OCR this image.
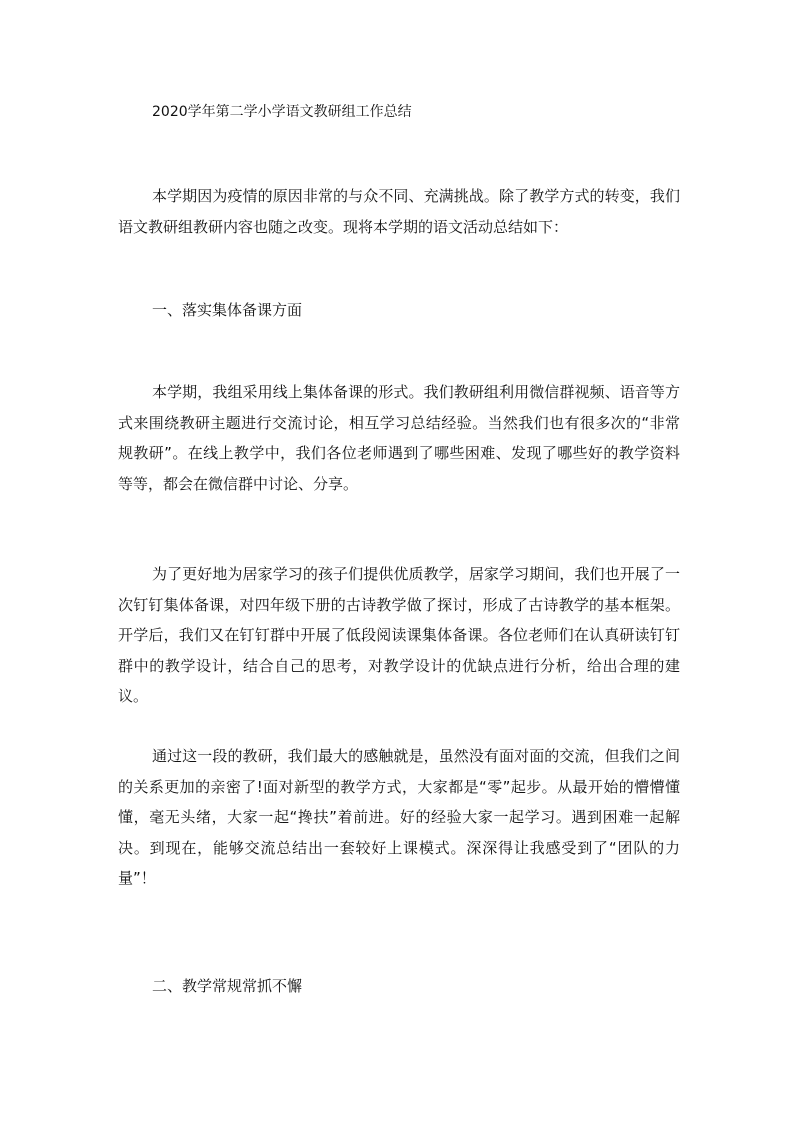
2020学年第二学小学语文教研组工作总结

本学期因为疫情的原因非常的与众不同、充满挑战。除了教学方式的转变，我们语文教研组教研内容也随之改变。现将本学期的语文活动总结如下：

一、落实集体备课方面

本学期，我组采用线上集体备课的形式。我们教研组利用微信群视频、语音等方式来围绕教研主题进行交流讨论，相互学习总结经验。当然我们也有很多次的“非常规教研”。在线上教学中，我们各位老师遇到了哪些困难、发现了哪些好的教学资料等等，都会在微信群中讨论、分享。

为了更好地为居家学习的孩子们提供优质教学，居家学习期间，我们也开展了一次钉钉集体备课，对四年级下册的古诗教学做了探讨，形成了古诗教学的基本框架。开学后，我们又在钉钉群中开展了低段阅读课集体备课。各位老师们在认真研读钉钉群中的教学设计，结合自己的思考，对教学设计的优缺点进行分析，给出合理的建议。

通过这一段的教研，我们最大的感触就是，虽然没有面对面的交流，但我们之间的关系更加的亲密了!面对新型的教学方式，大家都是“零”起步。从最开始的懵懵懂懂，毫无头绪，大家一起“搀扶”着前进。好的经验大家一起学习。遇到困难一起解决。到现在，能够交流总结出一套较好上课模式。深深得让我感受到了“团队的力量”！

二、教学常规常抓不懈
